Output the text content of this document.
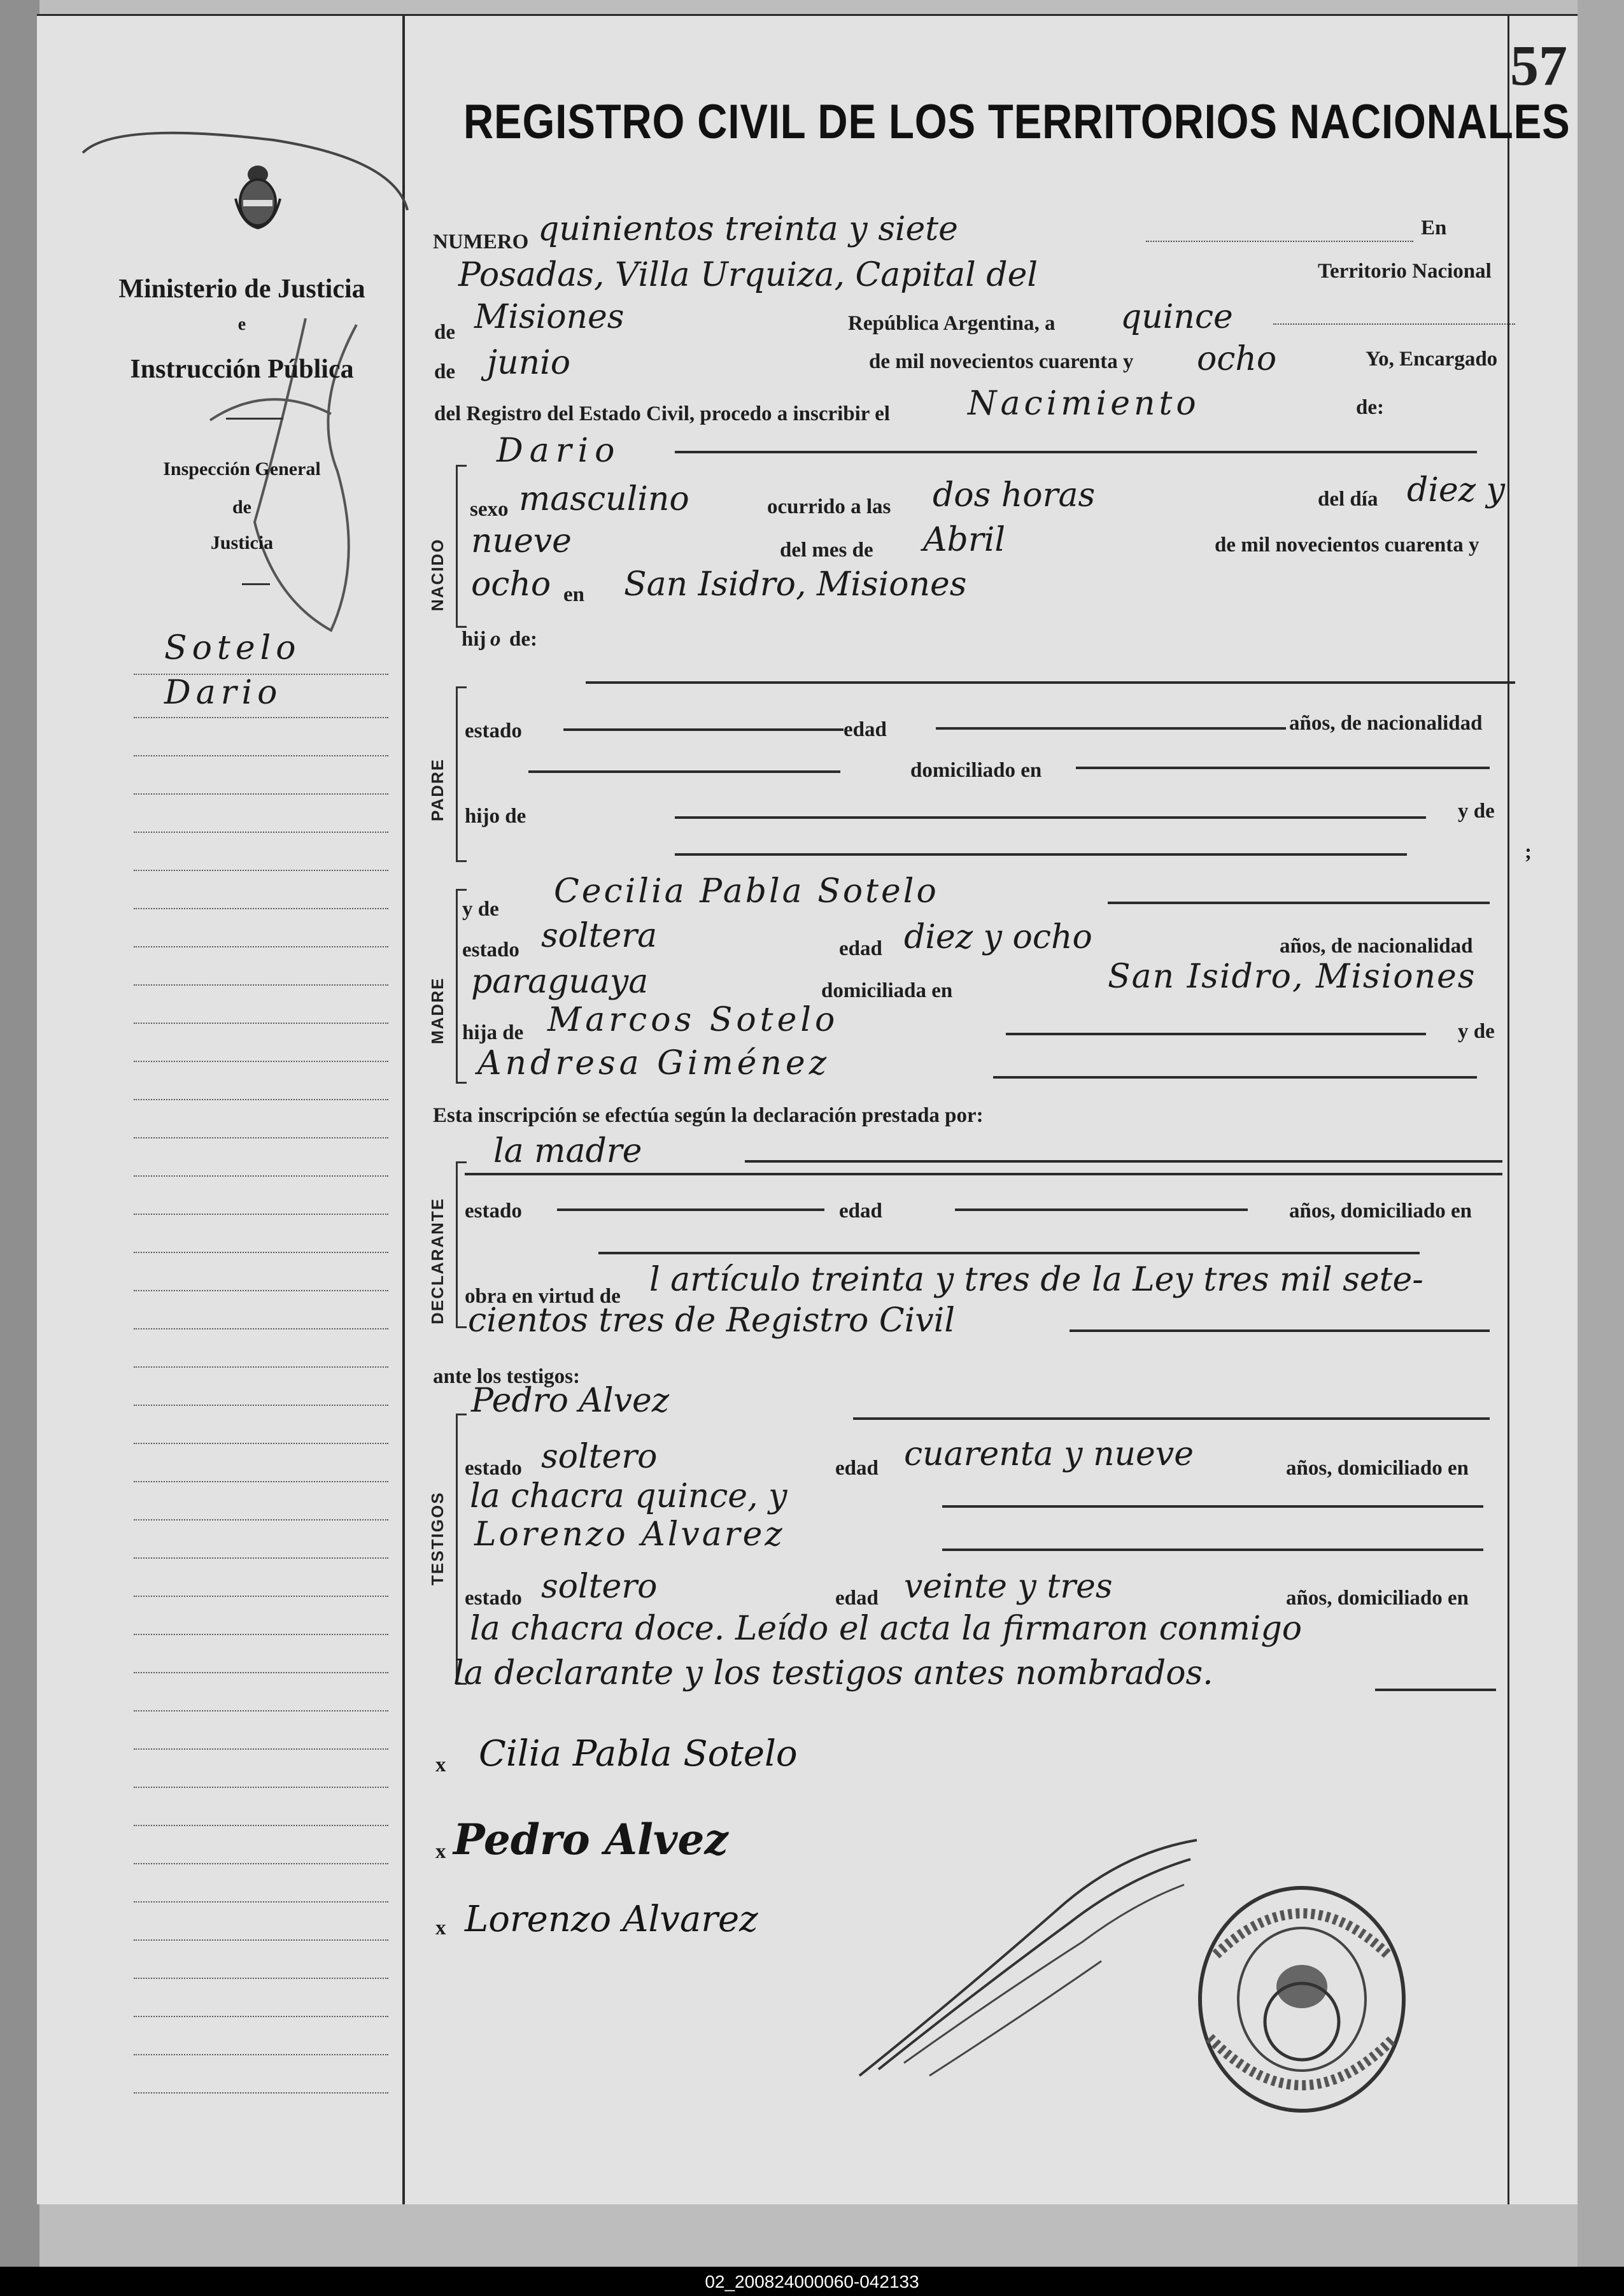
57
REGISTRO CIVIL DE LOS TERRITORIOS NACIONALES
Ministerio de Justicia
e
Instrucción Pública
Inspección General
de
Justicia
Sotelo
Dario
NUMERO quinientos treinta y siete	En
Posadas, Villa Urquiza, Capital del	Territorio Nacional
de Misiones	República Argentina, a quince
de junio	de mil novecientos cuarenta y ocho	Yo, Encargado
del Registro del Estado Civil, procedo a inscribir el Nacimiento	de:
NACIDO
Dario
sexo masculino	ocurrido a las dos horas	del día diez y
nueve	del mes de Abril	de mil novecientos cuarenta y
ocho en San Isidro, Misiones
hij o de:
PADRE
estado	edad	años, de nacionalidad
domiciliado en
hijo de	y de
;
MADRE
y de Cecilia Pabla Sotelo
estado soltera	edad diez y ocho	años, de nacionalidad
paraguaya	domiciliada en	San Isidro, Misiones
hija de Marcos Sotelo	y de
Andresa Giménez
Esta inscripción se efectúa según la declaración prestada por:
DECLARANTE
la madre
estado	edad	años, domiciliado en
obra en virtud de l artículo treinta y tres de la Ley tres mil sete-
cientos tres de Registro Civil
ante los testigos:
TESTIGOS
Pedro Alvez
estado soltero	edad cuarenta y nueve	años, domiciliado en
la chacra quince, y
Lorenzo Alvarez
estado soltero	edad veinte y tres	años, domiciliado en
la chacra doce. Leído el acta la firmaron conmigo
la declarante y los testigos antes nombrados.
x Cilia Pabla Sotelo
x Pedro Alvez
x Lorenzo Alvarez
02_200824000060-042133
